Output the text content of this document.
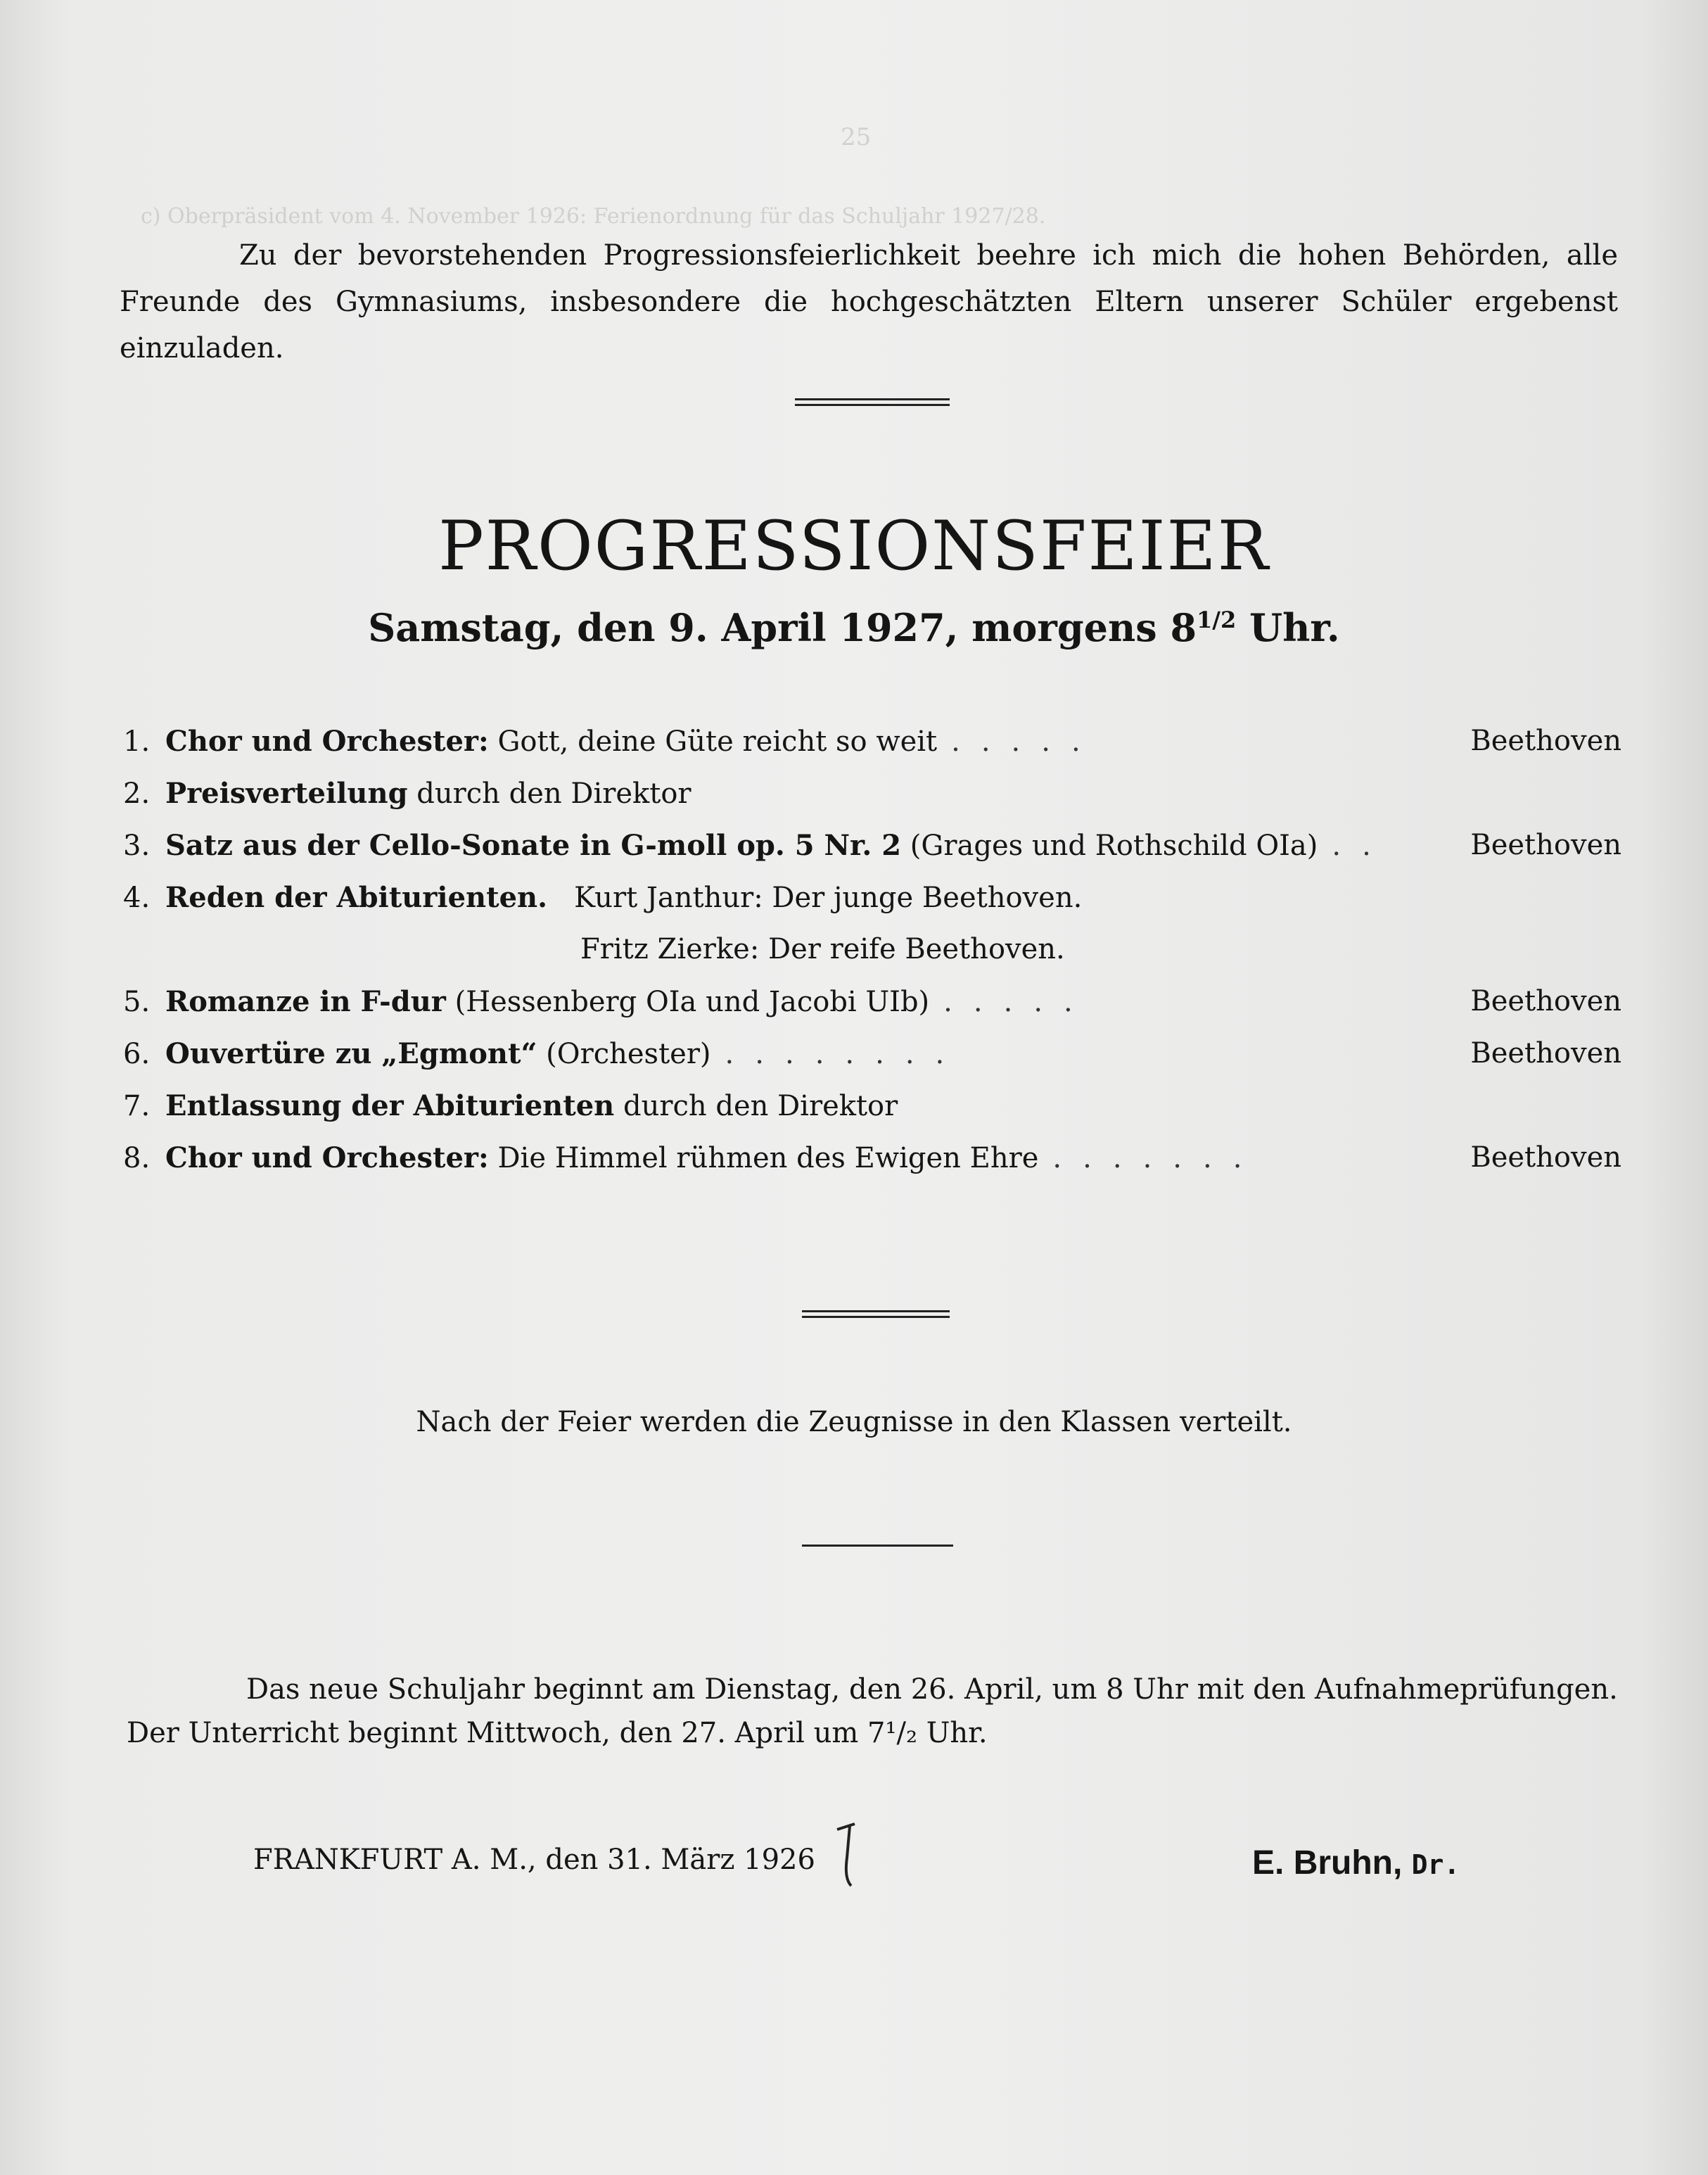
25
c) Oberpräsident vom 4. November 1926: Ferienordnung für das Schuljahr 1927/28.
Zu der bevorstehenden Progressionsfeierlichkeit beehre ich mich die hohen Behörden, alle
Freunde des Gymnasiums, insbesondere die hochgeschätzten Eltern unserer Schüler ergebenst einzuladen.
PROGRESSIONSFEIER
Samstag, den 9. April 1927, morgens $8^{1/2}$ Uhr.
1. Chor und Orchester: Gott, deine Güte reicht so weit .....	Beethoven
2. Preisverteilung durch den Direktor
3. Satz aus der Cello-Sonate in G-moll op. 5 Nr. 2 (Grages und Rothschild OIa) ..	Beethoven
4. Reden der Abiturienten.   Kurt Janthur: Der junge Beethoven.
Fritz Zierke: Der reife Beethoven.
5. Romanze in F-dur (Hessenberg OIa und Jacobi UIb) .....	Beethoven
6. Ouvertüre zu „Egmont“ (Orchester) ........	Beethoven
7. Entlassung der Abiturienten durch den Direktor
8. Chor und Orchester: Die Himmel rühmen des Ewigen Ehre .......	Beethoven
Nach der Feier werden die Zeugnisse in den Klassen verteilt.
Das neue Schuljahr beginnt am Dienstag, den 26. April, um 8 Uhr mit den Aufnahmeprüfungen.
Der Unterricht beginnt Mittwoch, den 27. April um 7¹/₂ Uhr.
FRANKFURT A. M., den 31. März 1926	E. Bruhn, Dr.
